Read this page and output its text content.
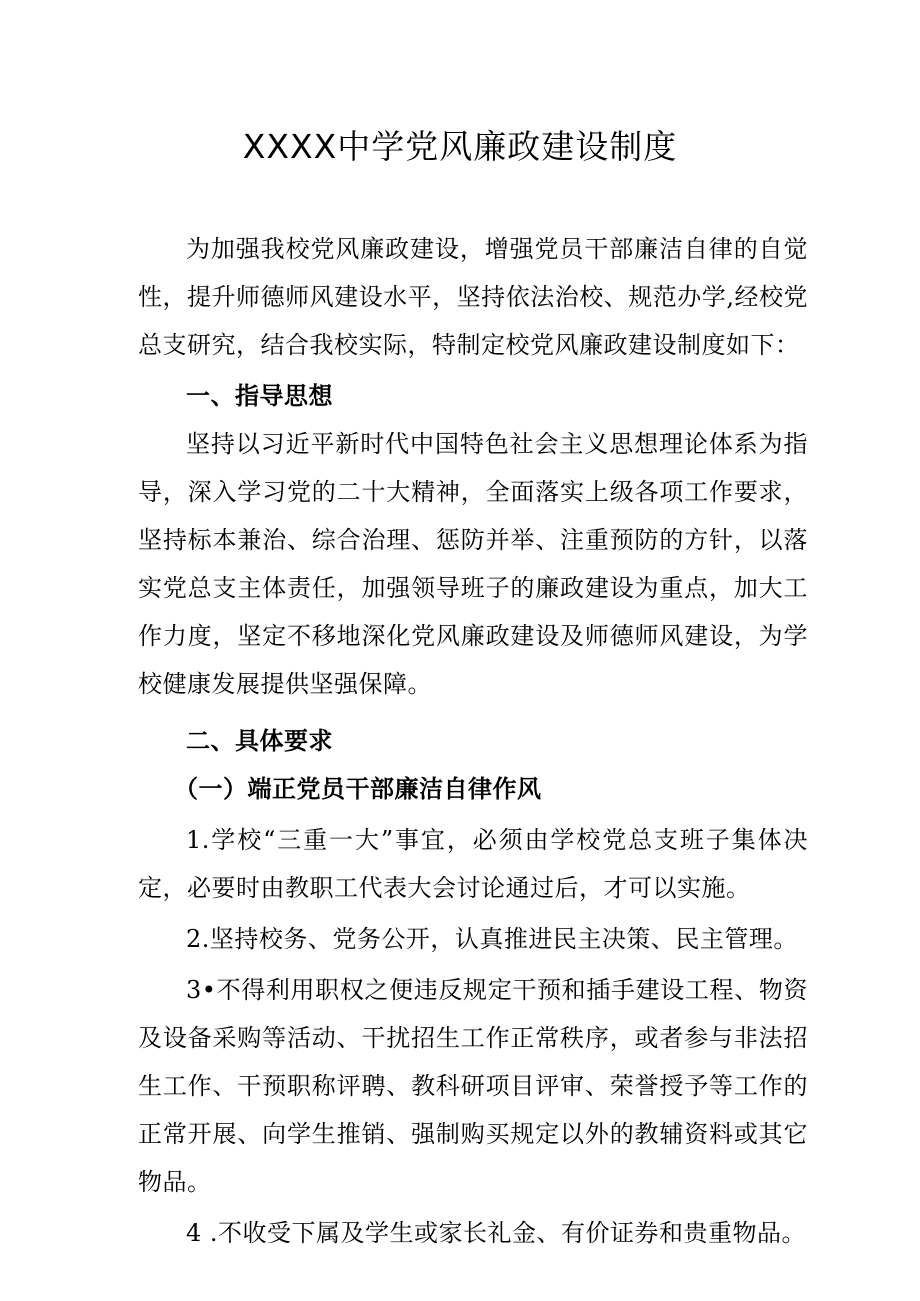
XXXX中学党风廉政建设制度

为加强我校党风廉政建设，增强党员干部廉洁自律的自觉性，提升师德师风建设水平，坚持依法治校、规范办学,经校党总支研究，结合我校实际，特制定校党风廉政建设制度如下：

一、指导思想

坚持以习近平新时代中国特色社会主义思想理论体系为指导，深入学习党的二十大精神，全面落实上级各项工作要求，坚持标本兼治、综合治理、惩防并举、注重预防的方针，以落实党总支主体责任，加强领导班子的廉政建设为重点，加大工作力度，坚定不移地深化党风廉政建设及师德师风建设，为学校健康发展提供坚强保障。

二、具体要求

（一）端正党员干部廉洁自律作风

1.学校“三重一大”事宜，必须由学校党总支班子集体决定，必要时由教职工代表大会讨论通过后，才可以实施。

2.坚持校务、党务公开，认真推进民主决策、民主管理。

3•不得利用职权之便违反规定干预和插手建设工程、物资及设备采购等活动、干扰招生工作正常秩序，或者参与非法招生工作、干预职称评聘、教科研项目评审、荣誉授予等工作的正常开展、向学生推销、强制购买规定以外的教辅资料或其它物品。

4 .不收受下属及学生或家长礼金、有价证券和贵重物品。
